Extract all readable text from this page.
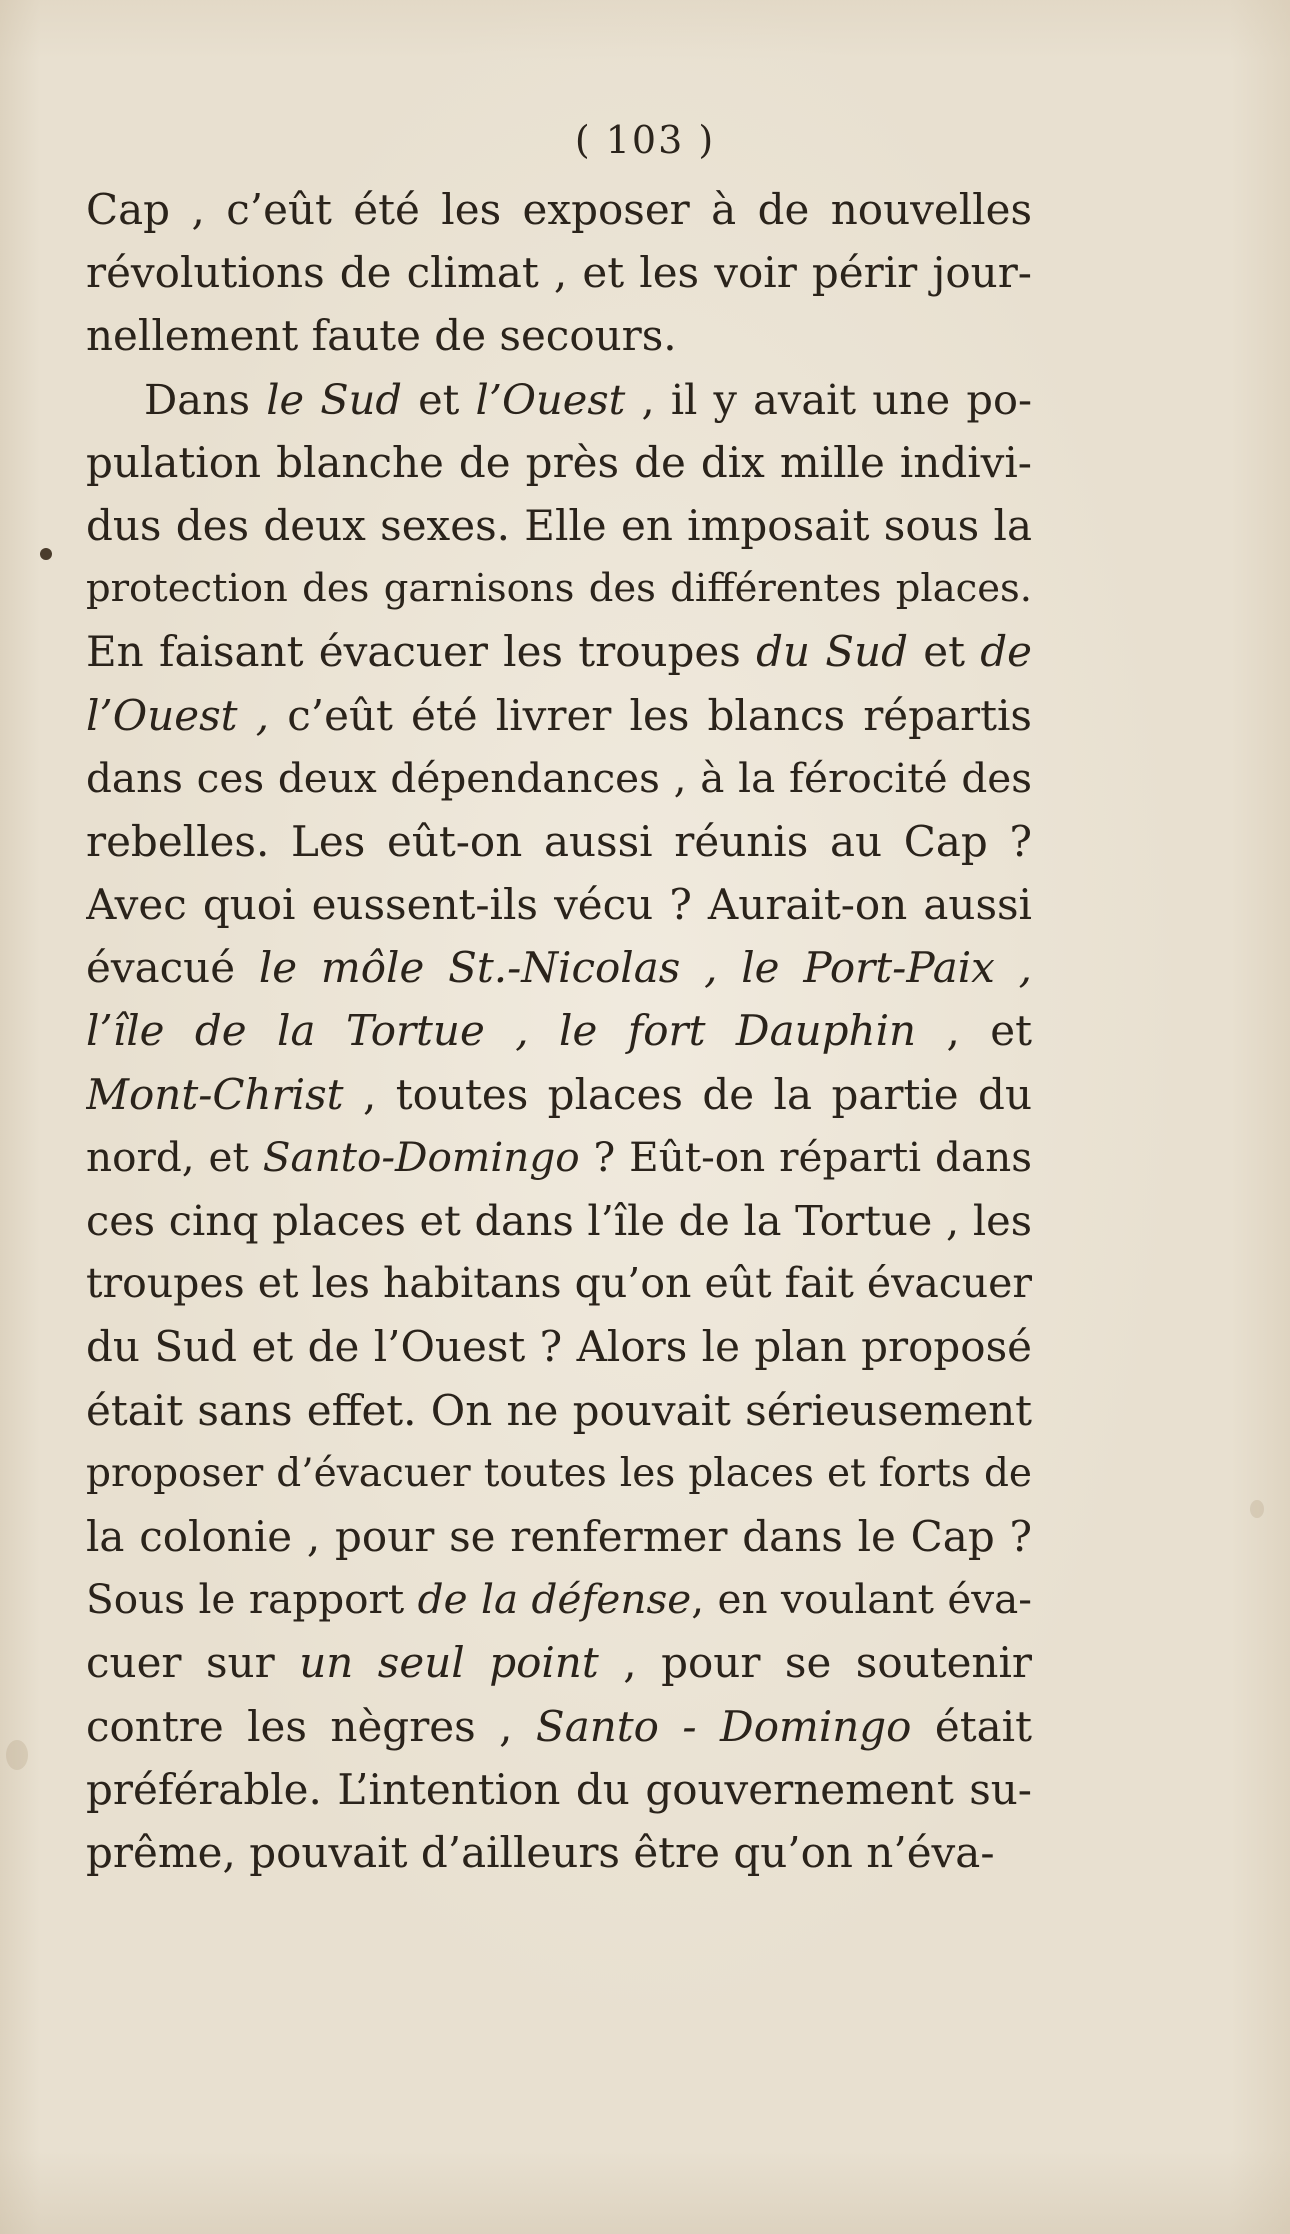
( 103 )
Cap , c’eût été les exposer à de nouvelles
révolutions de climat , et les voir périr jour-
nellement faute de secours.
Dans le Sud et l’Ouest , il y avait une po-
pulation blanche de près de dix mille indivi-
dus des deux sexes. Elle en imposait sous la
protection des garnisons des différentes places.
En faisant évacuer les troupes du Sud et de
l’Ouest , c’eût été livrer les blancs répartis
dans ces deux dépendances , à la férocité des
rebelles. Les eût-on aussi réunis au Cap ?
Avec quoi eussent-ils vécu ? Aurait-on aussi
évacué le môle St.-Nicolas , le Port-Paix ,
l’île de la Tortue , le fort Dauphin , et
Mont-Christ , toutes places de la partie du
nord, et Santo-Domingo ? Eût-on réparti dans
ces cinq places et dans l’île de la Tortue , les
troupes et les habitans qu’on eût fait évacuer
du Sud et de l’Ouest ? Alors le plan proposé
était sans effet. On ne pouvait sérieusement
proposer d’évacuer toutes les places et forts de
la colonie , pour se renfermer dans le Cap ?
Sous le rapport de la défense, en voulant éva-
cuer sur un seul point , pour se soutenir
contre les nègres , Santo - Domingo était
préférable. L’intention du gouvernement su-
prême, pouvait d’ailleurs être qu’on n’éva-
